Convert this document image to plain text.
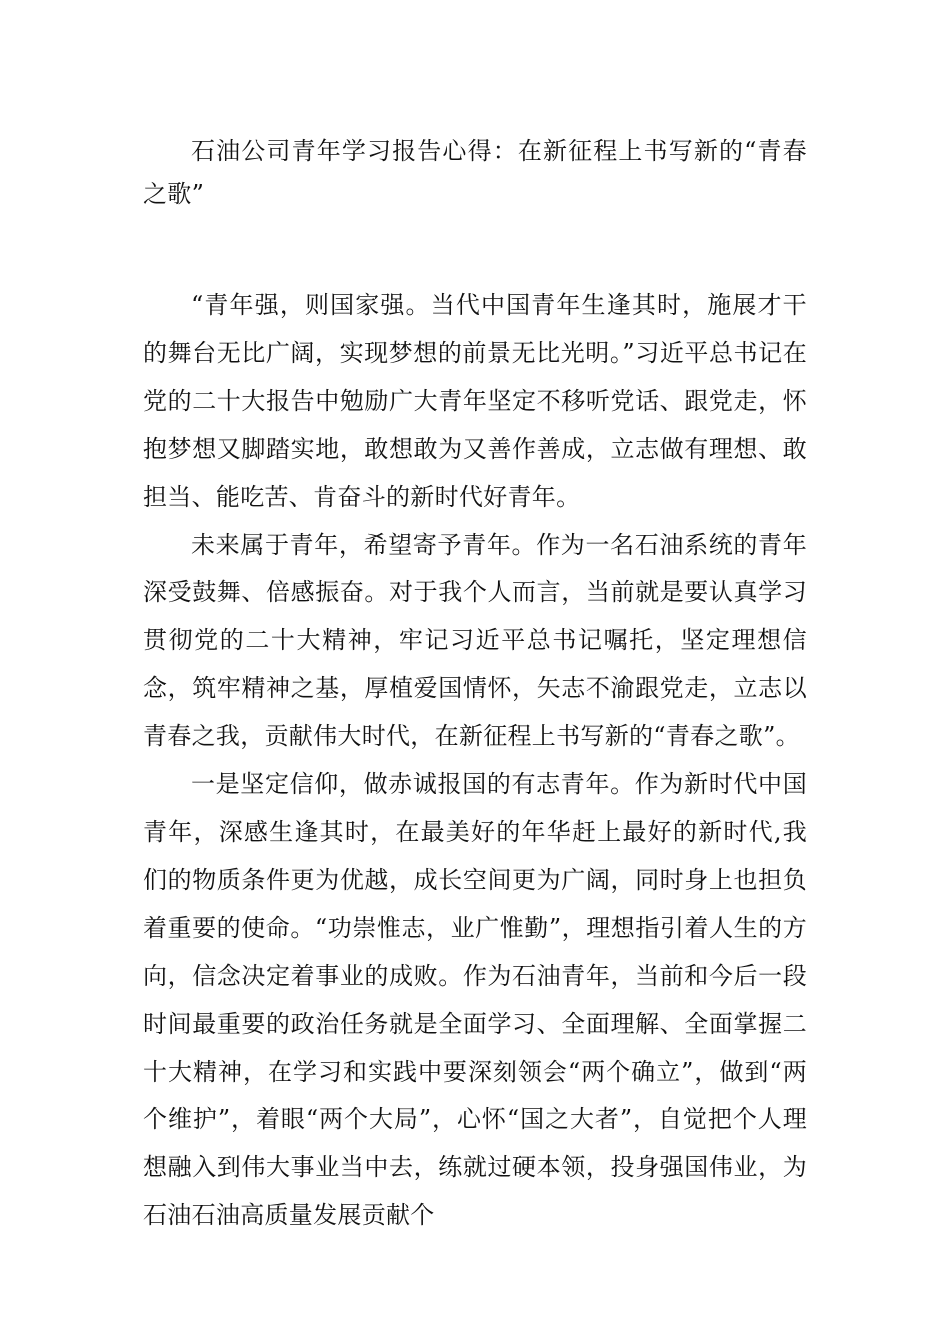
石油公司青年学习报告心得：在新征程上书写新的“青春之歌”

“青年强，则国家强。当代中国青年生逢其时，施展才干的舞台无比广阔，实现梦想的前景无比光明。”习近平总书记在党的二十大报告中勉励广大青年坚定不移听党话、跟党走，怀抱梦想又脚踏实地，敢想敢为又善作善成，立志做有理想、敢担当、能吃苦、肯奋斗的新时代好青年。

未来属于青年，希望寄予青年。作为一名石油系统的青年深受鼓舞、倍感振奋。对于我个人而言，当前就是要认真学习贯彻党的二十大精神，牢记习近平总书记嘱托，坚定理想信念，筑牢精神之基，厚植爱国情怀，矢志不渝跟党走，立志以青春之我，贡献伟大时代，在新征程上书写新的“青春之歌”。

一是坚定信仰，做赤诚报国的有志青年。作为新时代中国青年，深感生逢其时，在最美好的年华赶上最好的新时代,我们的物质条件更为优越，成长空间更为广阔，同时身上也担负着重要的使命。“功崇惟志，业广惟勤”，理想指引着人生的方向，信念决定着事业的成败。作为石油青年，当前和今后一段时间最重要的政治任务就是全面学习、全面理解、全面掌握二十大精神，在学习和实践中要深刻领会“两个确立”，做到“两个维护”，着眼“两个大局”，心怀“国之大者”，自觉把个人理想融入到伟大事业当中去，练就过硬本领，投身强国伟业，为石油石油高质量发展贡献个
